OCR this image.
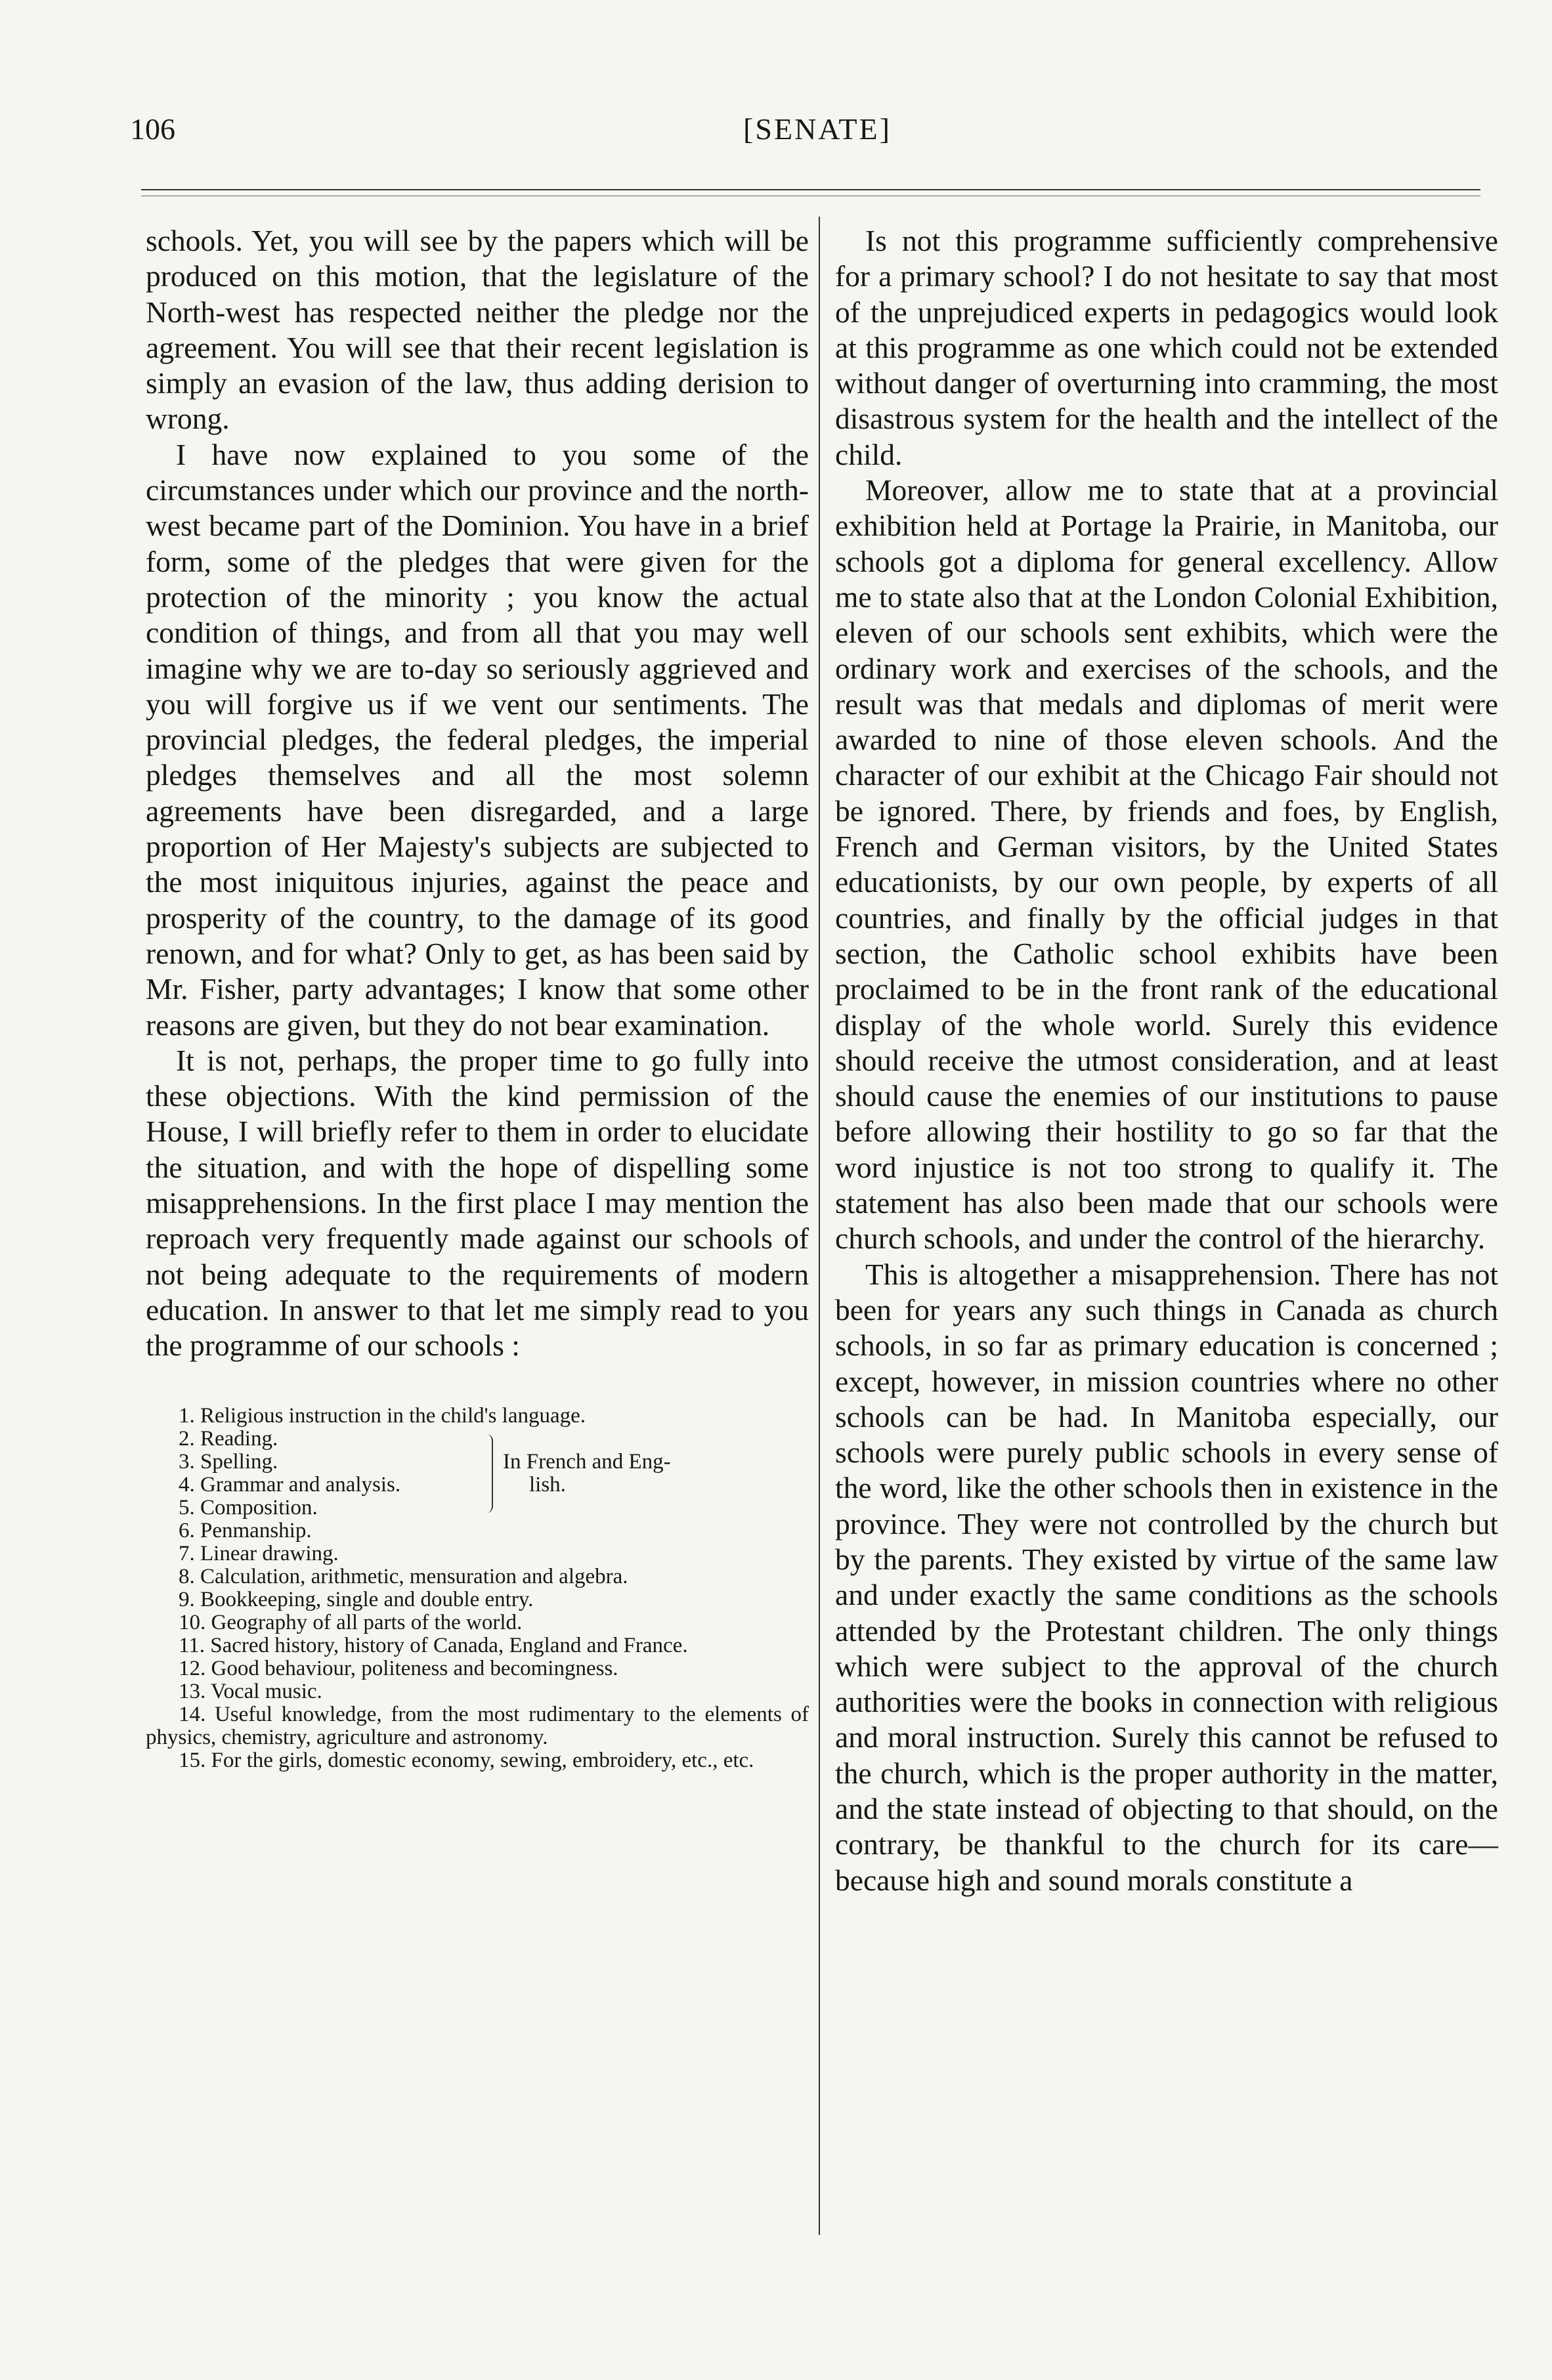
106	[SENATE]

schools. Yet, you will see by the papers which will be produced on this motion, that the legislature of the North-west has respected neither the pledge nor the agreement. You will see that their recent legislation is simply an evasion of the law, thus adding derision to wrong.

I have now explained to you some of the circumstances under which our province and the north-west became part of the Dominion. You have in a brief form, some of the pledges that were given for the protection of the minority ; you know the actual condition of things, and from all that you may well imagine why we are to-day so seriously aggrieved and you will forgive us if we vent our sentiments. The provincial pledges, the federal pledges, the imperial pledges themselves and all the most solemn agreements have been disregarded, and a large proportion of Her Majesty's subjects are subjected to the most iniquitous injuries, against the peace and prosperity of the country, to the damage of its good renown, and for what? Only to get, as has been said by Mr. Fisher, party advantages; I know that some other reasons are given, but they do not bear examination.

It is not, perhaps, the proper time to go fully into these objections. With the kind permission of the House, I will briefly refer to them in order to elucidate the situation, and with the hope of dispelling some misapprehensions. In the first place I may mention the reproach very frequently made against our schools of not being adequate to the requirements of modern education. In answer to that let me simply read to you the programme of our schools :

1. Religious instruction in the child's language.

2. Reading.

3. Spelling.

4. Grammar and analysis.

5. Composition.

In French and Eng-
lish.

6. Penmanship.

7. Linear drawing.

8. Calculation, arithmetic, mensuration and algebra.

9. Bookkeeping, single and double entry.

10. Geography of all parts of the world.

11. Sacred history, history of Canada, England and France.

12. Good behaviour, politeness and becomingness.

13. Vocal music.

14. Useful knowledge, from the most rudimentary to the elements of physics, chemistry, agriculture and astronomy.

15. For the girls, domestic economy, sewing, embroidery, etc., etc.

Is not this programme sufficiently comprehensive for a primary school? I do not hesitate to say that most of the unprejudiced experts in pedagogics would look at this programme as one which could not be extended without danger of overturning into cramming, the most disastrous system for the health and the intellect of the child.

Moreover, allow me to state that at a provincial exhibition held at Portage la Prairie, in Manitoba, our schools got a diploma for general excellency. Allow me to state also that at the London Colonial Exhibition, eleven of our schools sent exhibits, which were the ordinary work and exercises of the schools, and the result was that medals and diplomas of merit were awarded to nine of those eleven schools. And the character of our exhibit at the Chicago Fair should not be ignored. There, by friends and foes, by English, French and German visitors, by the United States educationists, by our own people, by experts of all countries, and finally by the official judges in that section, the Catholic school exhibits have been proclaimed to be in the front rank of the educational display of the whole world. Surely this evidence should receive the utmost consideration, and at least should cause the enemies of our institutions to pause before allowing their hostility to go so far that the word injustice is not too strong to qualify it. The statement has also been made that our schools were church schools, and under the control of the hierarchy.

This is altogether a misapprehension. There has not been for years any such things in Canada as church schools, in so far as primary education is concerned ; except, however, in mission countries where no other schools can be had. In Manitoba especially, our schools were purely public schools in every sense of the word, like the other schools then in existence in the province. They were not controlled by the church but by the parents. They existed by virtue of the same law and under exactly the same conditions as the schools attended by the Protestant children. The only things which were subject to the approval of the church authorities were the books in connection with religious and moral instruction. Surely this cannot be refused to the church, which is the proper authority in the matter, and the state instead of objecting to that should, on the contrary, be thankful to the church for its care—because high and sound morals constitute a
